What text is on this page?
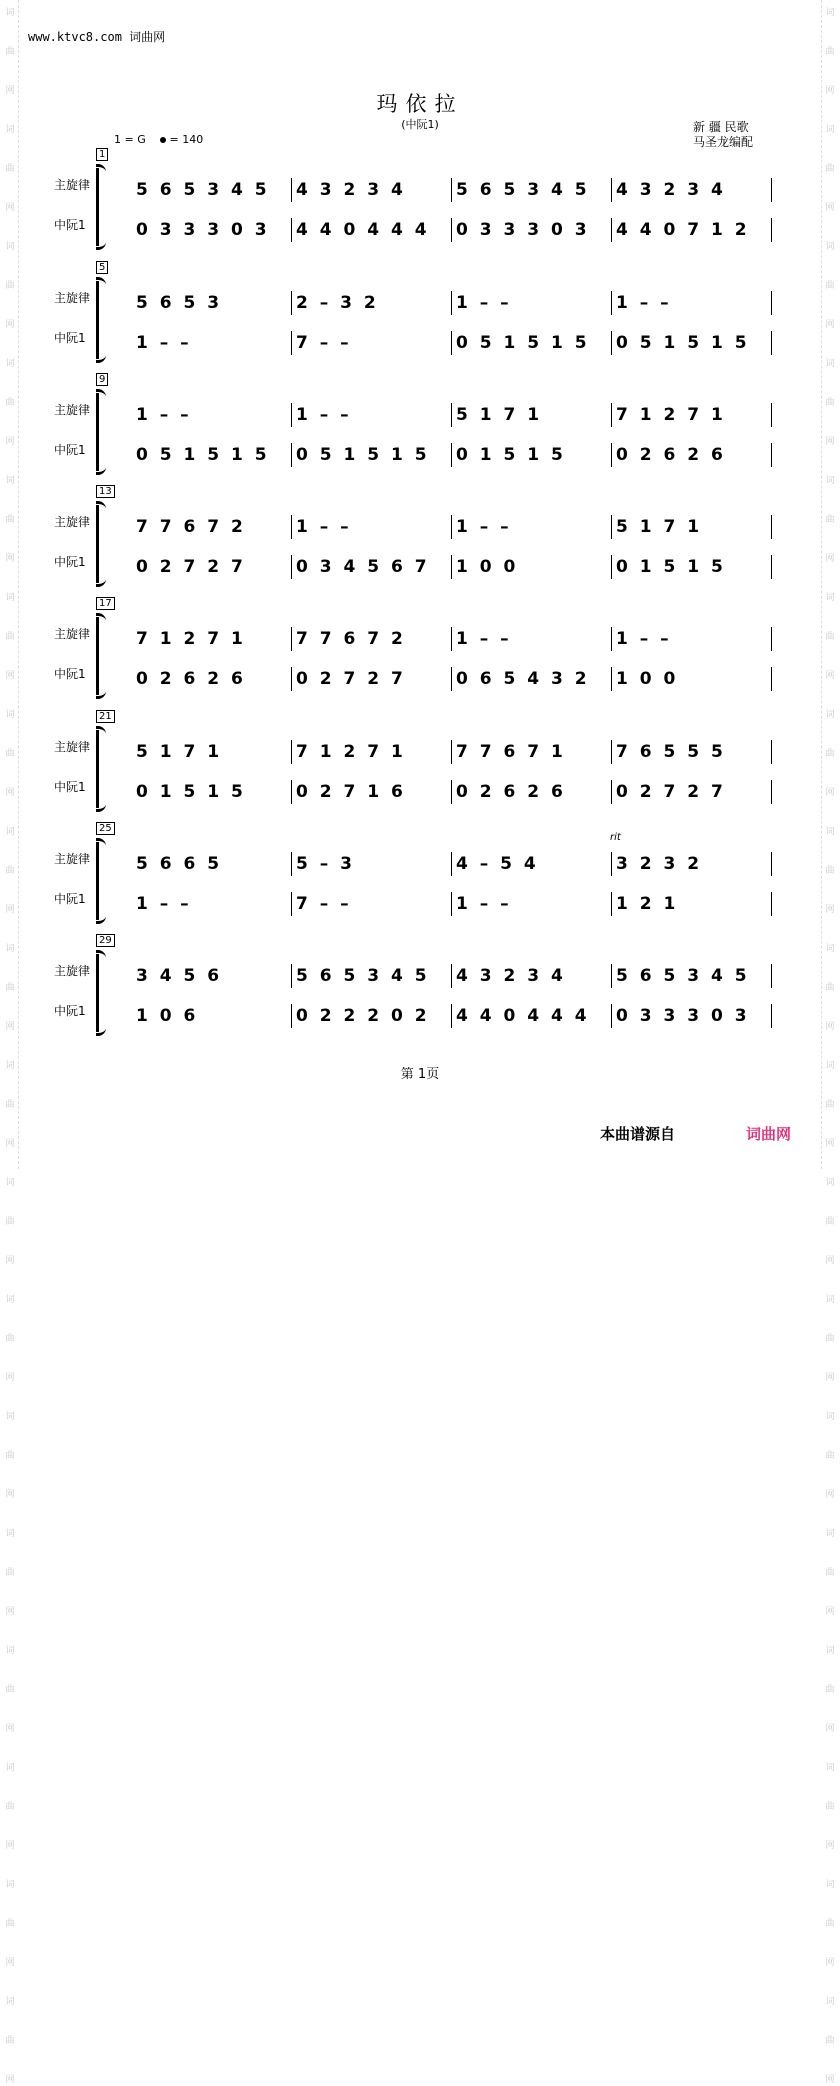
词
曲
网
词
曲
网
词
曲
网
词
曲
网
词
曲
网
词
曲
网
词
曲
网
词
曲
网
词
曲
网
词
曲
网
词
曲
网
词
曲
网
词
曲
网
词
曲
网
词
曲
网
词
曲
网
词
曲
网
词
曲
网
词
曲
网
词
曲
网
词
曲
网
词
曲
网
词
曲
网
词
曲
网
词
曲
网
词
曲
网
词
曲
网
词
曲
网
词
曲
网
词
曲
网
词
曲
网
词
曲
网
词
曲
网
词
曲
网
词
曲
网
词
曲
网
www.ktvc8.com 词曲网
玛依拉
(中阮1)	新 疆 民歌
马圣龙编配
1 = G	= 140
1
主旋律
中阮1
5 6 5 3 4 5	4 3 2 3 4	5 6 5 3 4 5	4 3 2 3 4
0 3 3 3 0 3	4 4 0 4 4 4	0 3 3 3 0 3	4 4 0 7 1 2
5
主旋律
中阮1
5 6 5 3	2 – 3 2	1 – –	1 – –
1 – –	7 – –	0 5 1 5 1 5	0 5 1 5 1 5
9
主旋律
中阮1
1 – –	1 – –	5 1 7 1	7 1 2 7 1
0 5 1 5 1 5	0 5 1 5 1 5	0 1 5 1 5	0 2 6 2 6
13
主旋律
中阮1
7 7 6 7 2	1 – –	1 – –	5 1 7 1
0 2 7 2 7	0 3 4 5 6 7	1 0 0	0 1 5 1 5
17
主旋律
中阮1
7 1 2 7 1	7 7 6 7 2	1 – –	1 – –
0 2 6 2 6	0 2 7 2 7	0 6 5 4 3 2	1 0 0
21
主旋律
中阮1
5 1 7 1	7 1 2 7 1	7 7 6 7 1	7 6 5 5 5
0 1 5 1 5	0 2 7 1 6	0 2 6 2 6	0 2 7 2 7
25
主旋律
中阮1
5 6 6 5	5 – 3	4 – 5 4	3 2 3 2
1 – –	7 – –	1 – –	1 2 1
rit
29
主旋律
中阮1
3 4 5 6	5 6 5 3 4 5	4 3 2 3 4	5 6 5 3 4 5
1 0 6	0 2 2 2 0 2	4 4 0 4 4 4	0 3 3 3 0 3
第 1页
本曲谱源自	词曲网
